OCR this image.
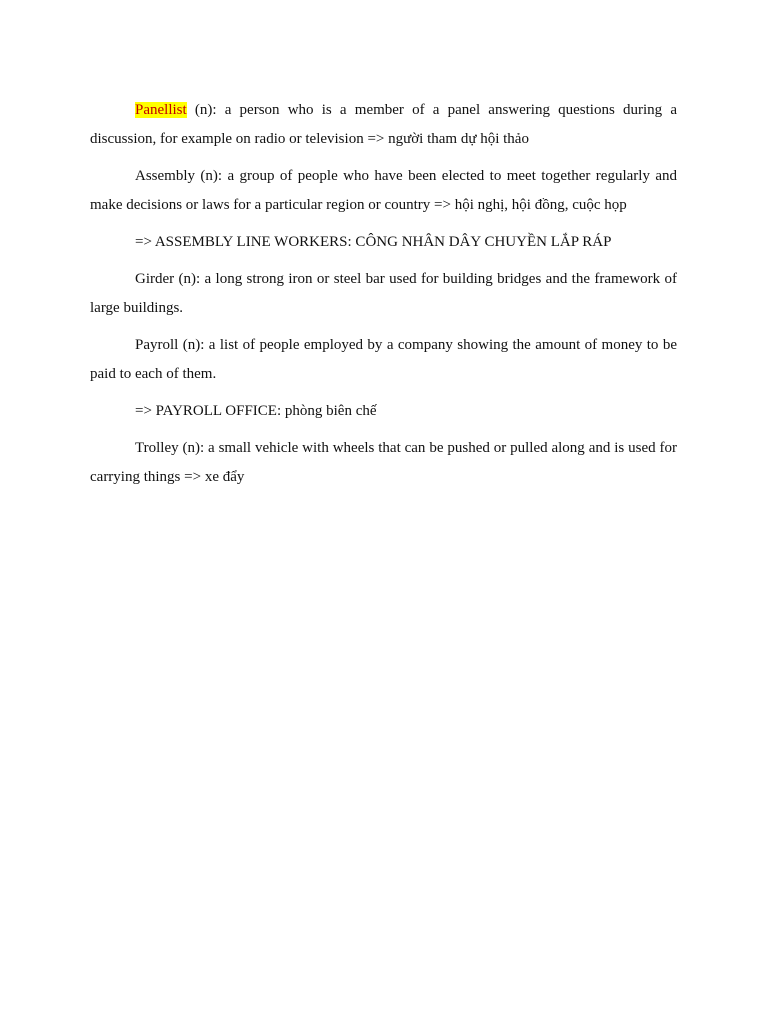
Panellist (n): a person who is a member of a panel answering questions during a discussion, for example on radio or television => người tham dự hội thảo

Assembly (n): a group of people who have been elected to meet together regularly and make decisions or laws for a particular region or country => hội nghị, hội đồng, cuộc họp

=> ASSEMBLY LINE WORKERS: CÔNG NHÂN DÂY CHUYỀN LẮP RÁP

Girder (n): a long strong iron or steel bar used for building bridges and the framework of large buildings.

Payroll (n): a list of people employed by a company showing the amount of money to be paid to each of them.

=> PAYROLL OFFICE: phòng biên chế

Trolley (n): a small vehicle with wheels that can be pushed or pulled along and is used for carrying things => xe đẩy
